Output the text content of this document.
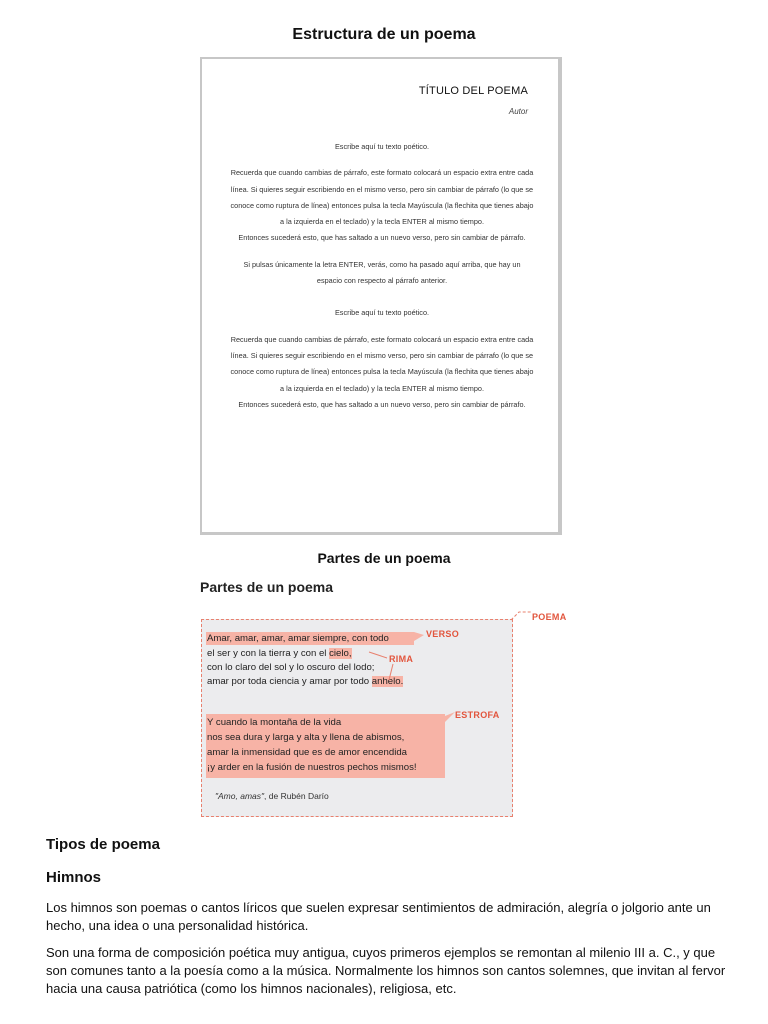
Estructura de un poema
TÍTULO DEL POEMA
Autor

Escribe aquí tu texto poético.

Recuerda que cuando cambias de párrafo, este formato colocará un espacio extra entre cada línea. Si quieres seguir escribiendo en el mismo verso, pero sin cambiar de párrafo (lo que se conoce como ruptura de línea) entonces pulsa la tecla Mayúscula (la flechita que tienes abajo a la izquierda en el teclado) y la tecla ENTER al mismo tiempo.

Entonces sucederá esto, que has saltado a un nuevo verso, pero sin cambiar de párrafo.

Si pulsas únicamente la letra ENTER, verás, como ha pasado aquí arriba, que hay un espacio con respecto al párrafo anterior.

Escribe aquí tu texto poético.

Recuerda que cuando cambias de párrafo, este formato colocará un espacio extra entre cada línea. Si quieres seguir escribiendo en el mismo verso, pero sin cambiar de párrafo (lo que se conoce como ruptura de línea) entonces pulsa la tecla Mayúscula (la flechita que tienes abajo a la izquierda en el teclado) y la tecla ENTER al mismo tiempo.

Entonces sucederá esto, que has saltado a un nuevo verso, pero sin cambiar de párrafo.

Partes de un poema
Partes de un poema
POEMA
VERSO
Amar, amar, amar, amar siempre, con todo
el ser y con la tierra y con el cielo,
con lo claro del sol y lo oscuro del lodo;
amar por toda ciencia y amar por todo anhelo.
RIMA
ESTROFA
Y cuando la montaña de la vida
nos sea dura y larga y alta y llena de abismos,
amar la inmensidad que es de amor encendida
¡y arder en la fusión de nuestros pechos mismos!
"Amo, amas", de Rubén Darío
Tipos de poema
Himnos

Los himnos son poemas o cantos líricos que suelen expresar sentimientos de admiración, alegría o jolgorio ante un hecho, una idea o una personalidad histórica.

Son una forma de composición poética muy antigua, cuyos primeros ejemplos se remontan al milenio III a. C., y que son comunes tanto a la poesía como a la música. Normalmente los himnos son cantos solemnes, que invitan al fervor hacia una causa patriótica (como los himnos nacionales), religiosa, etc.
